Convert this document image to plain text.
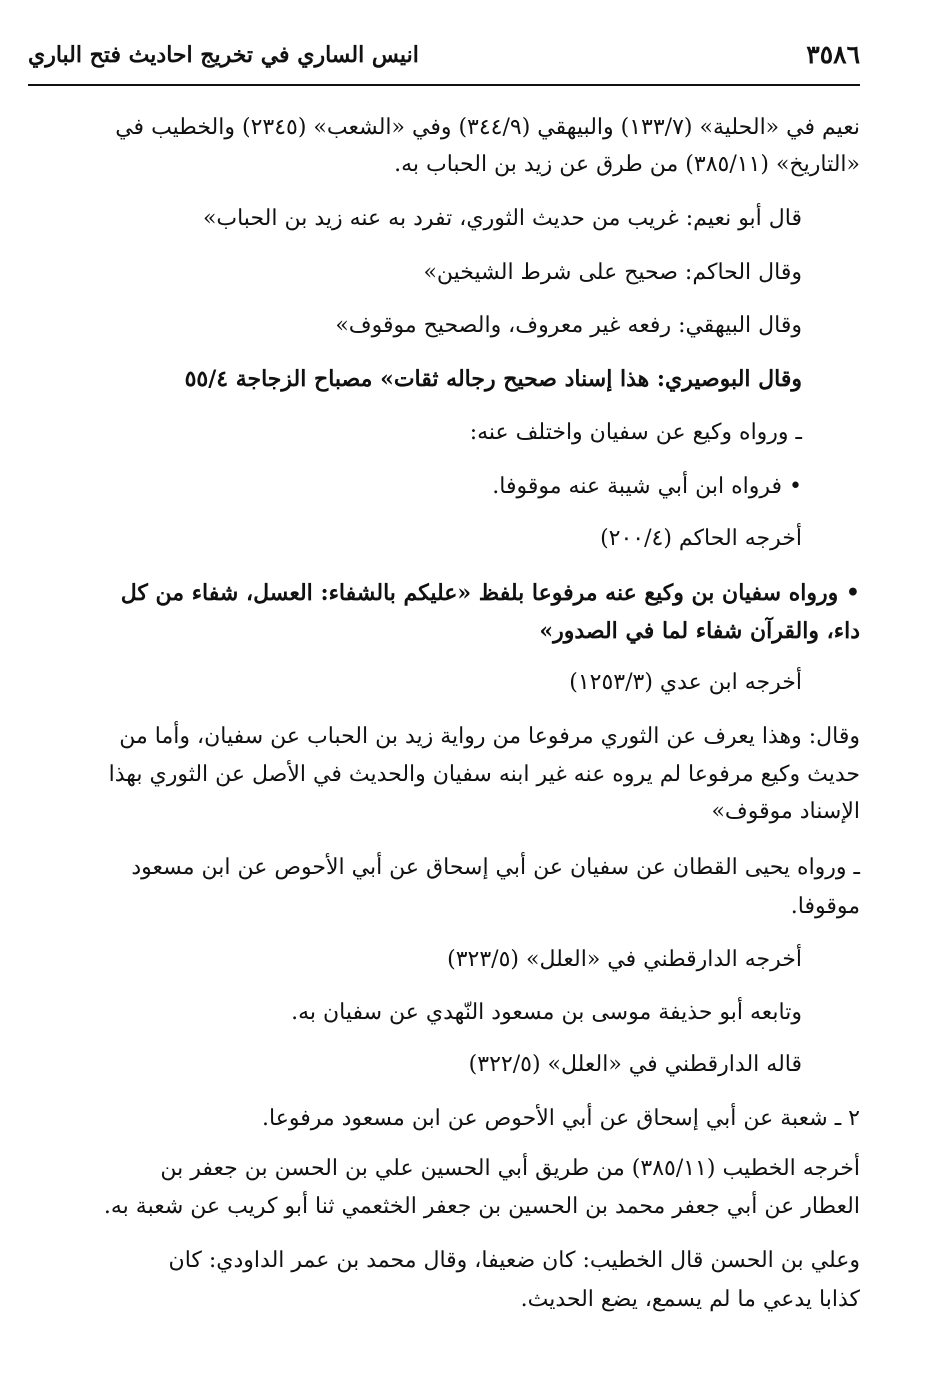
٣٥٨٦
انيس الساري في تخريج احاديث فتح الباري
نعيم في «الحلية» (١٣٣/٧) والبيهقي (٣٤٤/٩) وفي «الشعب» (٢٣٤٥) والخطيب في
«التاريخ» (٣٨٥/١١) من طرق عن زيد بن الحباب به.
قال أبو نعيم: غريب من حديث الثوري، تفرد به عنه زيد بن الحباب»
وقال الحاكم: صحيح على شرط الشيخين»
وقال البيهقي: رفعه غير معروف، والصحيح موقوف»
وقال البوصيري: هذا إسناد صحيح رجاله ثقات» مصباح الزجاجة ٥٥/٤
ـ ورواه وكيع عن سفيان واختلف عنه:
• فرواه ابن أبي شيبة عنه موقوفا.
أخرجه الحاكم (٢٠٠/٤)
• ورواه سفيان بن وكيع عنه مرفوعا بلفظ «عليكم بالشفاء: العسل، شفاء من كل
داء، والقرآن شفاء لما في الصدور»
أخرجه ابن عدي (١٢٥٣/٣)
وقال: وهذا يعرف عن الثوري مرفوعا من رواية زيد بن الحباب عن سفيان، وأما من
حديث وكيع مرفوعا لم يروه عنه غير ابنه سفيان والحديث في الأصل عن الثوري بهذا
الإسناد موقوف»
ـ ورواه يحيى القطان عن سفيان عن أبي إسحاق عن أبي الأحوص عن ابن مسعود
موقوفا.
أخرجه الدارقطني في «العلل» (٣٢٣/٥)
وتابعه أبو حذيفة موسى بن مسعود النّهدي عن سفيان به.
قاله الدارقطني في «العلل» (٣٢٢/٥)
٢ ـ شعبة عن أبي إسحاق عن أبي الأحوص عن ابن مسعود مرفوعا.
أخرجه الخطيب (٣٨٥/١١) من طريق أبي الحسين علي بن الحسن بن جعفر بن
العطار عن أبي جعفر محمد بن الحسين بن جعفر الخثعمي ثنا أبو كريب عن شعبة به.
وعلي بن الحسن قال الخطيب: كان ضعيفا، وقال محمد بن عمر الداودي: كان
كذابا يدعي ما لم يسمع، يضع الحديث.
